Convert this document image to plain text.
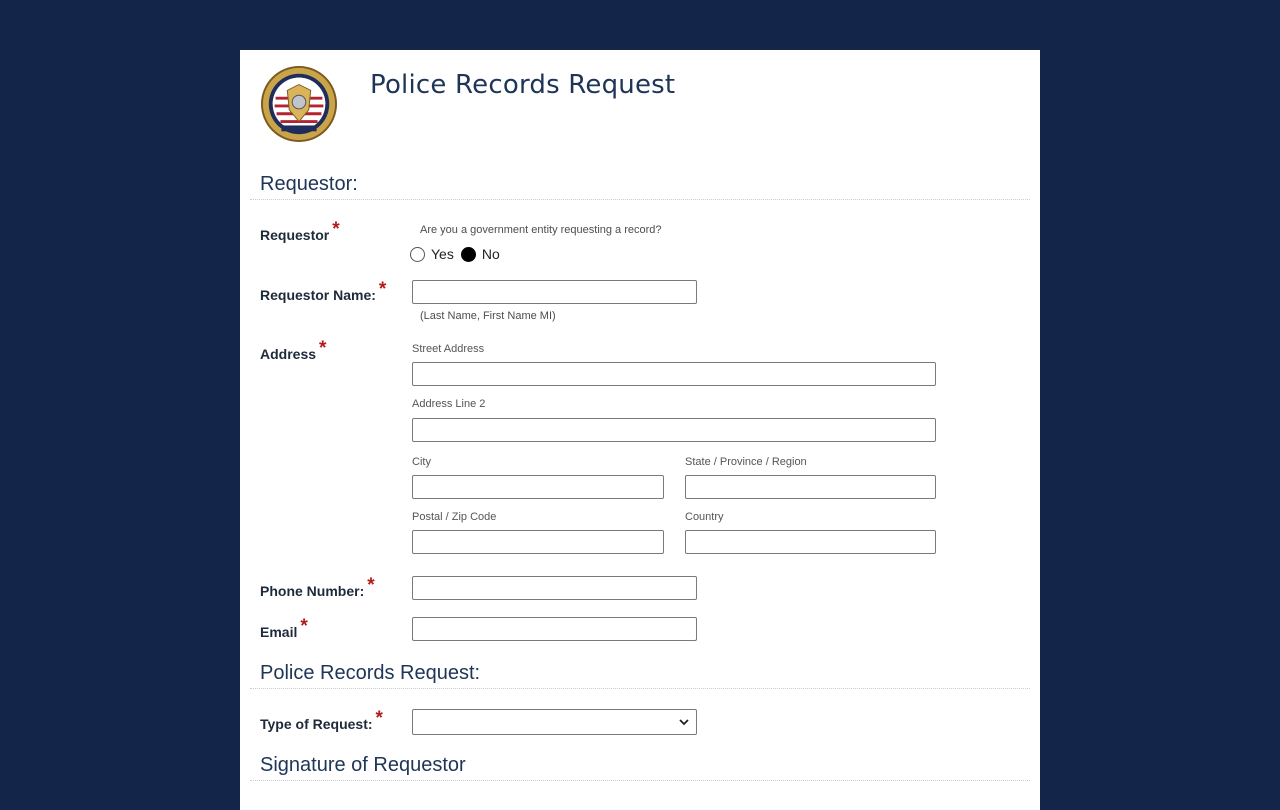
Police Records Request
Requestor:
Requestor *	Are you a government entity requesting a record?
Yes No
Requestor Name: *
(Last Name, First Name MI)
Address *	Street Address
Address Line 2
City	State / Province / Region
Postal / Zip Code	Country
Phone Number: *
Email *
Police Records Request:
Type of Request: *
Signature of Requestor
